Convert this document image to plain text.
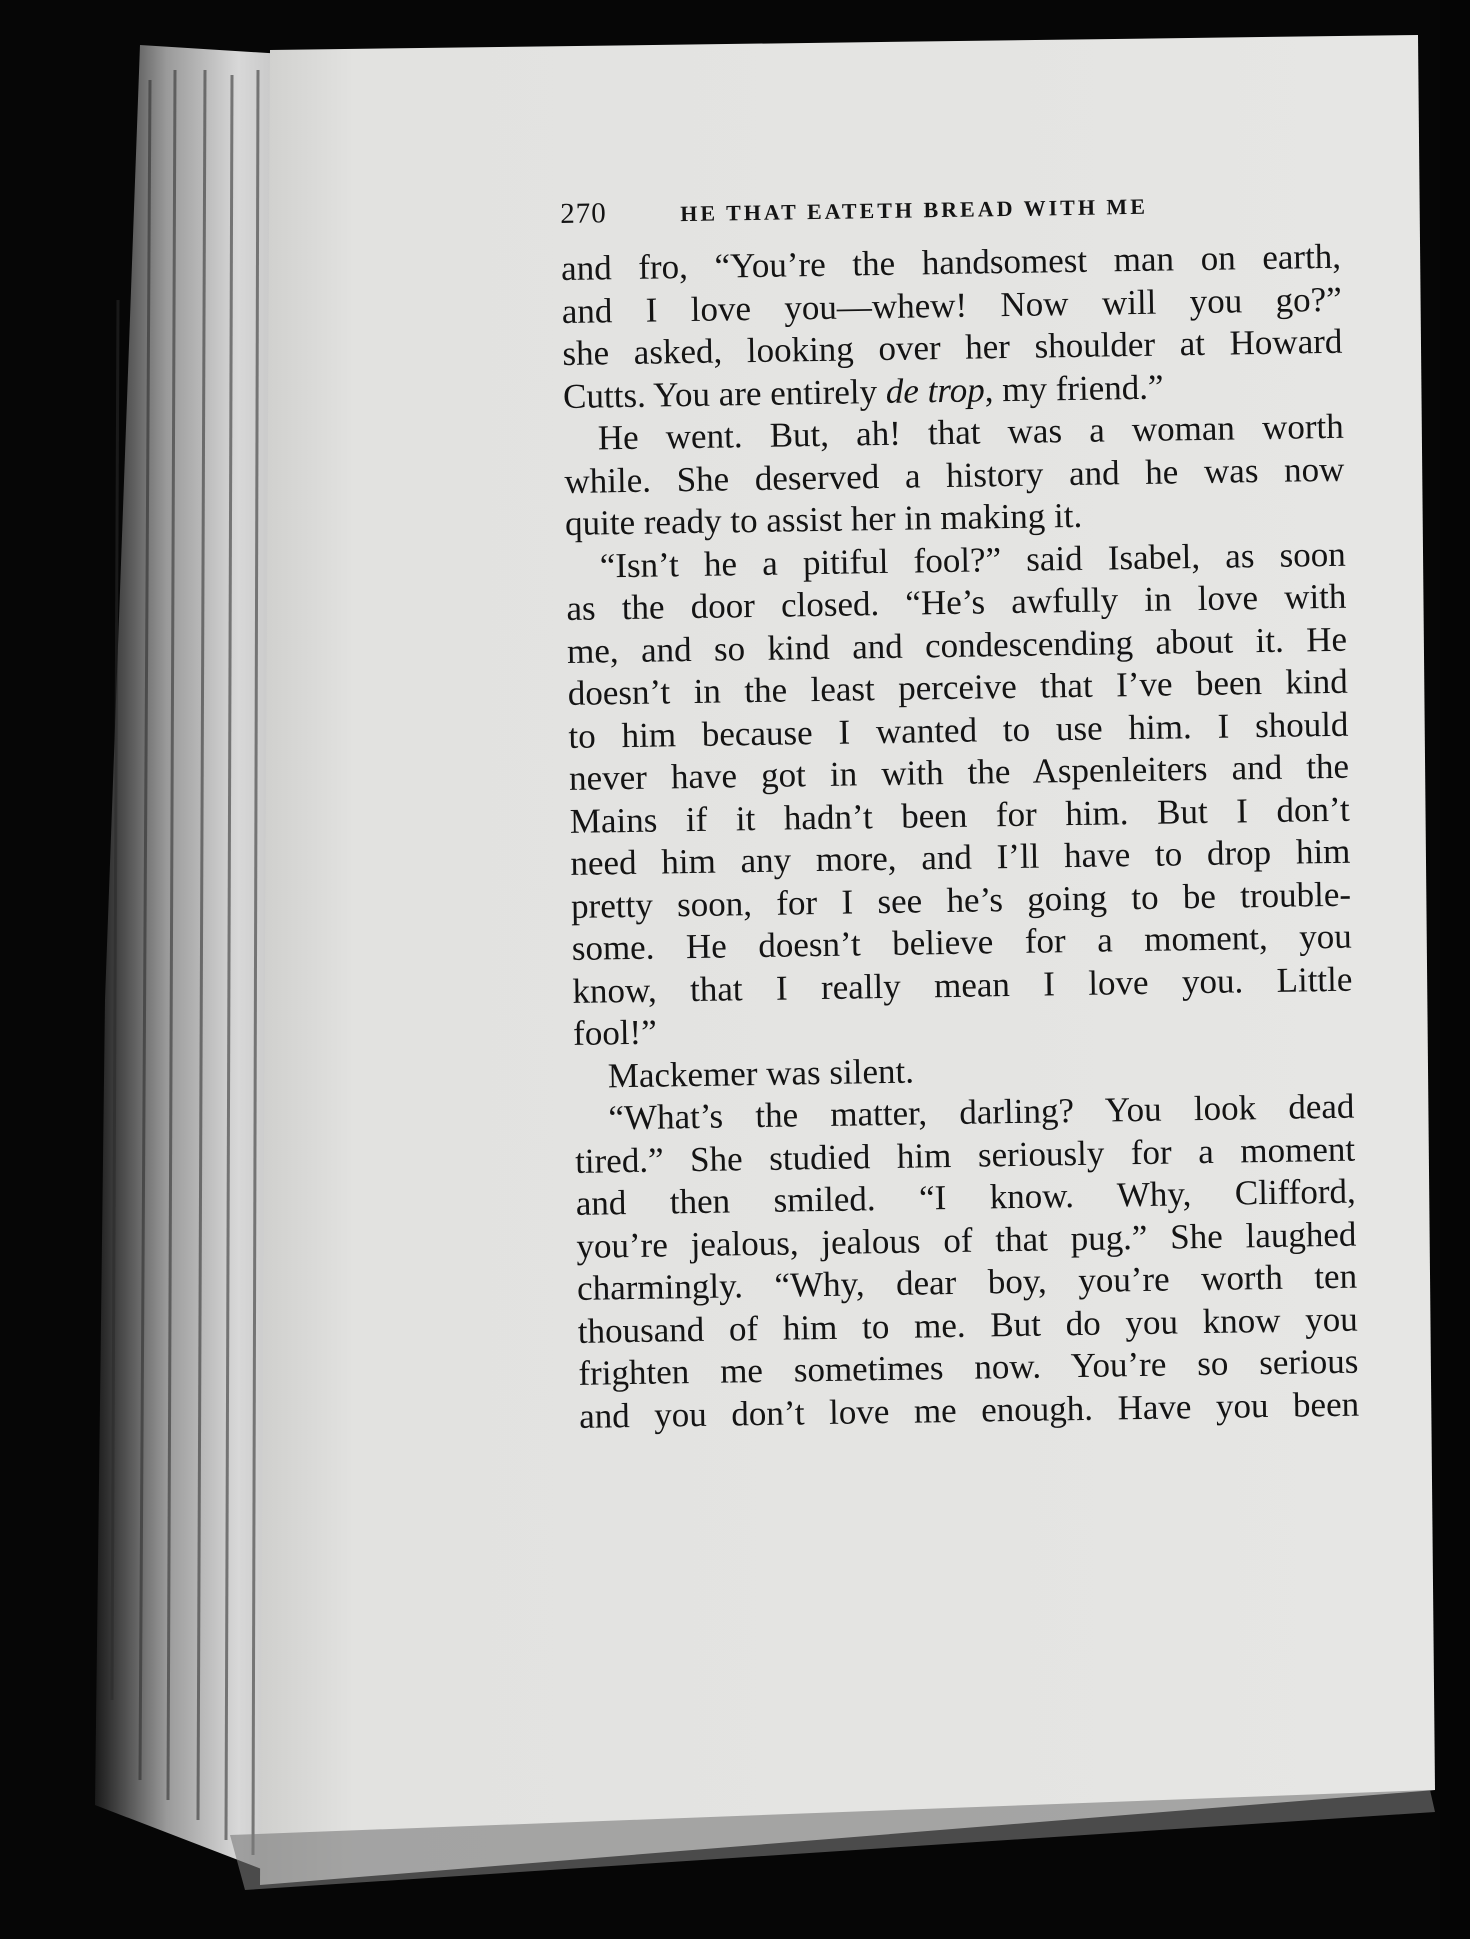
270	HE THAT EATETH BREAD WITH ME
and fro, “You’re the handsomest man on earth,
and I love you—whew! Now will you go?”
she asked, looking over her shoulder at Howard
Cutts. You are entirely de trop, my friend.”
He went. But, ah! that was a woman worth
while. She deserved a history and he was now
quite ready to assist her in making it.
“Isn’t he a pitiful fool?” said Isabel, as soon
as the door closed. “He’s awfully in love with
me, and so kind and condescending about it. He
doesn’t in the least perceive that I’ve been kind
to him because I wanted to use him. I should
never have got in with the Aspenleiters and the
Mains if it hadn’t been for him. But I don’t
need him any more, and I’ll have to drop him
pretty soon, for I see he’s going to be trouble-
some. He doesn’t believe for a moment, you
know, that I really mean I love you. Little
fool!”
Mackemer was silent.
“What’s the matter, darling? You look dead
tired.” She studied him seriously for a moment
and then smiled. “I know. Why, Clifford,
you’re jealous, jealous of that pug.” She laughed
charmingly. “Why, dear boy, you’re worth ten
thousand of him to me. But do you know you
frighten me sometimes now. You’re so serious
and you don’t love me enough. Have you been
